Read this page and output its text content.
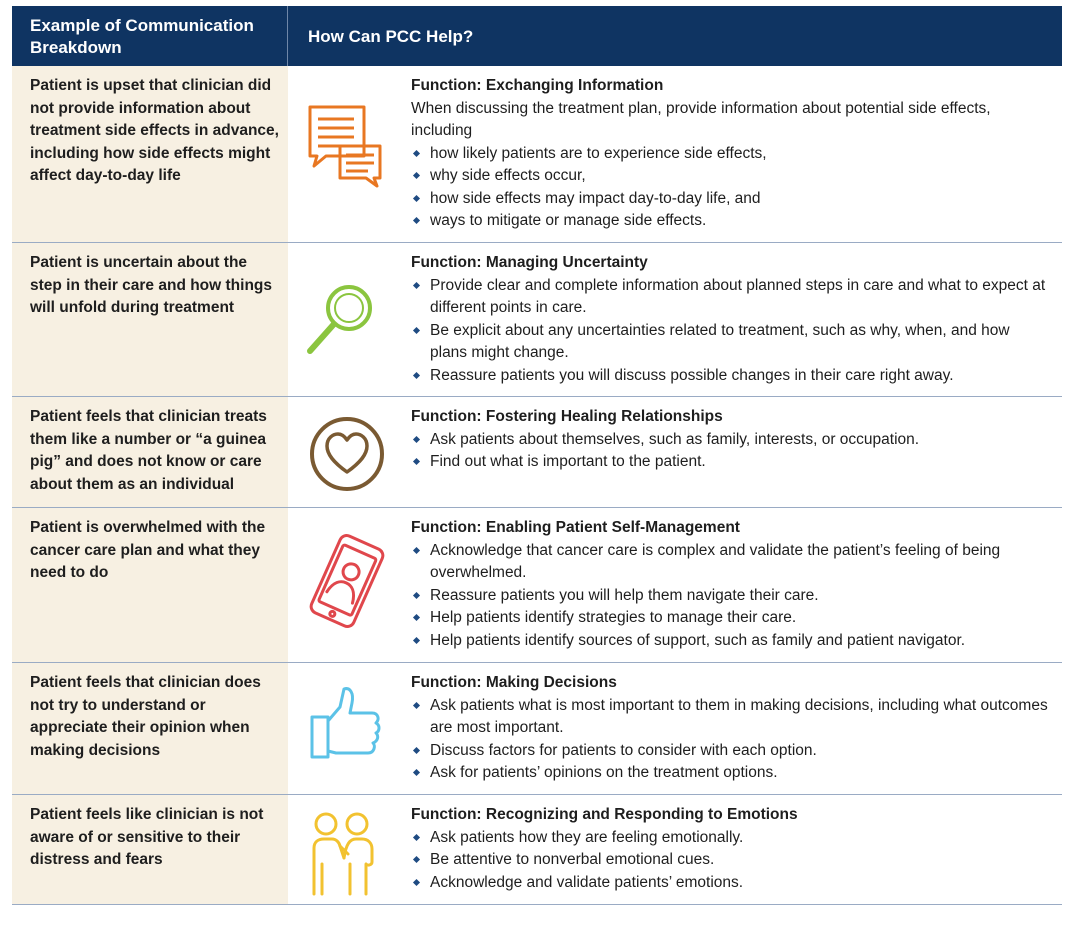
Example of Communication Breakdown
How Can PCC Help?
Patient is upset that clinician did not provide information about treatment side effects in advance, including how side effects might affect day-to-day life
Function: Exchanging Information
When discussing the treatment plan, provide information about potential side effects, including
how likely patients are to experience side effects,
why side effects occur,
how side effects may impact day-to-day life, and
ways to mitigate or manage side effects.
Patient is uncertain about the step in their care and how things will unfold during treatment
Function: Managing Uncertainty
Provide clear and complete information about planned steps in care and what to expect at different points in care.
Be explicit about any uncertainties related to treatment, such as why, when, and how plans might change.
Reassure patients you will discuss possible changes in their care right away.
Patient feels that clinician treats them like a number or “a guinea pig” and does not know or care about them as an individual
Function: Fostering Healing Relationships
Ask patients about themselves, such as family, interests, or occupation.
Find out what is important to the patient.
Patient is overwhelmed with the cancer care plan and what they need to do
Function: Enabling Patient Self-Management
Acknowledge that cancer care is complex and validate the patient’s feeling of being overwhelmed.
Reassure patients you will help them navigate their care.
Help patients identify strategies to manage their care.
Help patients identify sources of support, such as family and patient navigator.
Patient feels that clinician does not try to understand or appreciate their opinion when making decisions
Function: Making Decisions
Ask patients what is most important to them in making decisions, including what outcomes are most important.
Discuss factors for patients to consider with each option.
Ask for patients’ opinions on the treatment options.
Patient feels like clinician is not aware of or sensitive to their distress and fears
Function: Recognizing and Responding to Emotions
Ask patients how they are feeling emotionally.
Be attentive to nonverbal emotional cues.
Acknowledge and validate patients’ emotions.
